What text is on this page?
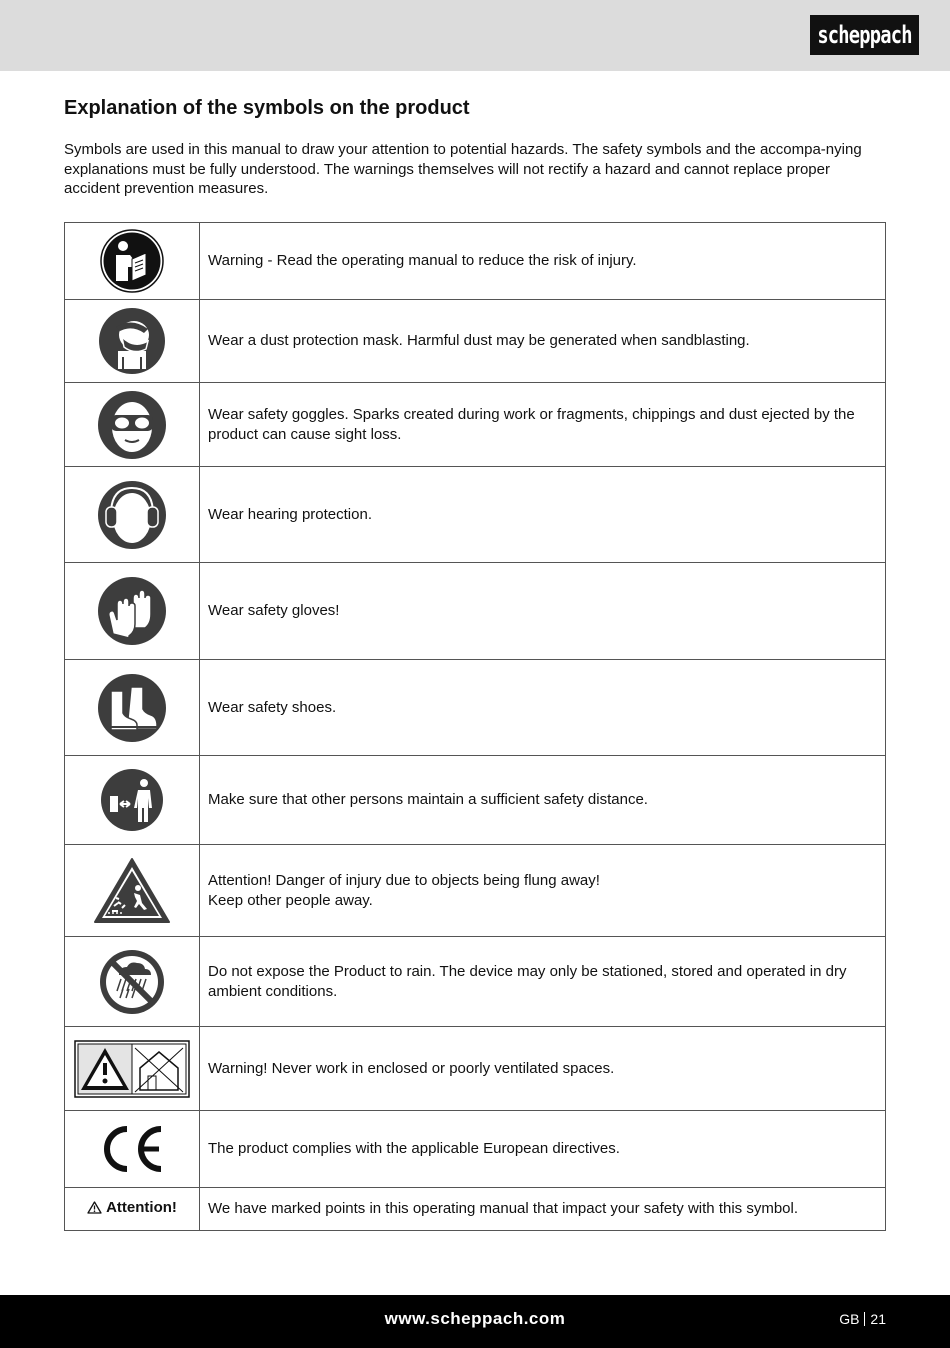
scheppach
Explanation of the symbols on the product

Symbols are used in this manual to draw your attention to potential hazards. The safety symbols and the accompa-nying explanations must be fully understood. The warnings themselves will not rectify a hazard and cannot replace proper accident prevention measures.

Warning - Read the operating manual to reduce the risk of injury.

Wear a dust protection mask. Harmful dust may be generated when sandblasting.

Wear safety goggles. Sparks created during work or fragments, chippings and dust ejected by the product can cause sight loss.

Wear hearing protection.

Wear safety gloves!

Wear safety shoes.

Make sure that other persons maintain a sufficient safety distance.

Attention! Danger of injury due to objects being flung away!
Keep other people away.

Do not expose the Product to rain. The device may only be stationed, stored and operated in dry ambient conditions.

Warning! Never work in enclosed or poorly ventilated spaces.

The product complies with the applicable European directives.

Attention!	We have marked points in this operating manual that impact your safety with this symbol.
www.scheppach.com	GB 21
